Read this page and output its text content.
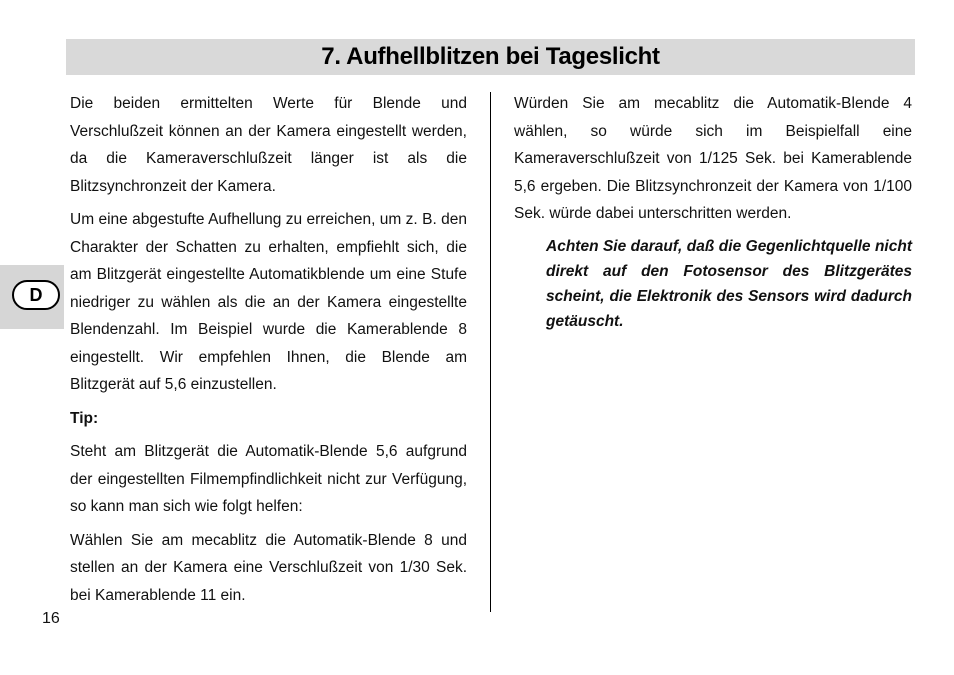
7. Aufhellblitzen bei Tageslicht
D

Die beiden ermittelten Werte für Blende und Verschlußzeit können an der Kamera eingestellt werden, da die Kameraverschlußzeit länger ist als die Blitzsynchronzeit der Kamera.

Um eine abgestufte Aufhellung zu erreichen, um z. B. den Charakter der Schatten zu erhalten, empfiehlt sich, die am Blitzgerät eingestellte Automatikblende um eine Stufe niedriger zu wählen als die an der Kamera eingestellte Blendenzahl. Im Beispiel wurde die Kamerablende 8 eingestellt. Wir empfehlen Ihnen, die Blende am Blitzgerät auf 5,6 einzustellen.

Tip:

Steht am Blitzgerät die Automatik-Blende 5,6 aufgrund der eingestellten Filmempfindlichkeit nicht zur Verfügung, so kann man sich wie folgt helfen:

Wählen Sie am mecablitz die Automatik-Blende 8 und stellen an der Kamera eine Verschlußzeit von 1/30 Sek. bei Kamerablende 11 ein.

Würden Sie am mecablitz die Automatik-Blende 4 wählen, so würde sich im Beispielfall eine Kameraverschlußzeit von 1/125 Sek. bei Kamerablende 5,6 ergeben. Die Blitzsynchronzeit der Kamera von 1/100 Sek. würde dabei unterschritten werden.

Achten Sie darauf, daß die Gegenlichtquelle nicht direkt auf den Fotosensor des Blitzgerätes scheint, die Elektronik des Sensors wird dadurch getäuscht.

16
